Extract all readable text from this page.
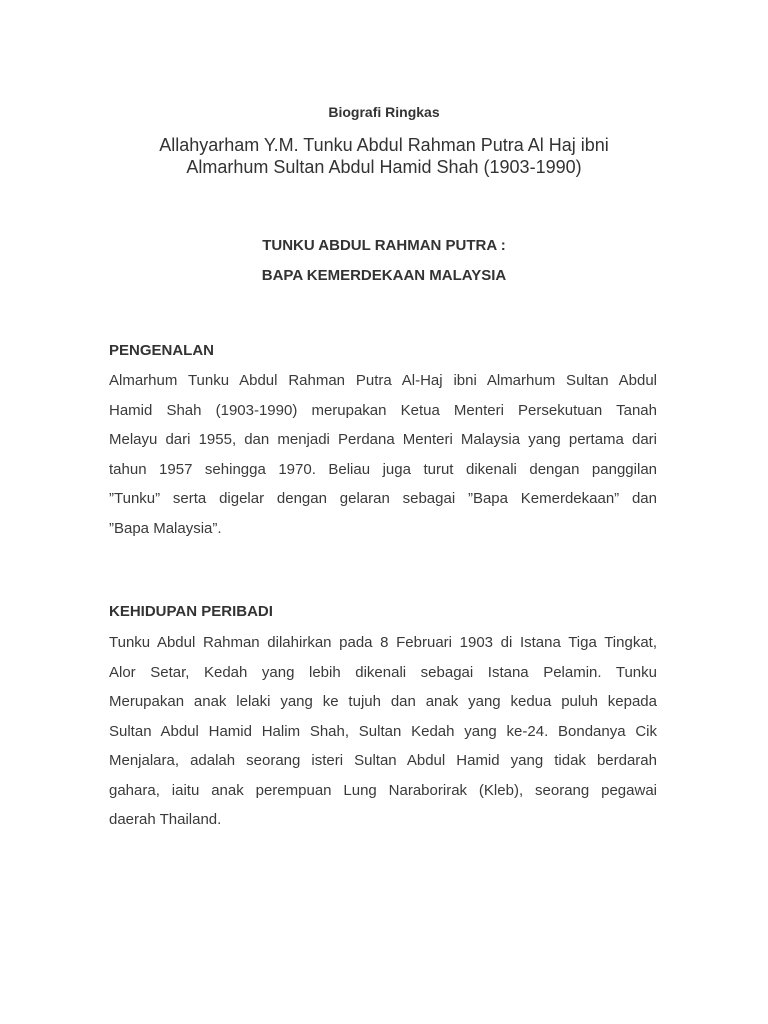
Biografi Ringkas
Allahyarham Y.M. Tunku Abdul Rahman Putra Al Haj ibni
Almarhum Sultan Abdul Hamid Shah (1903-1990)
TUNKU ABDUL RAHMAN PUTRA :
BAPA KEMERDEKAAN MALAYSIA
PENGENALAN
Almarhum Tunku Abdul Rahman Putra Al-Haj ibni Almarhum Sultan Abdul
Hamid Shah (1903-1990) merupakan Ketua Menteri Persekutuan Tanah
Melayu dari 1955, dan menjadi Perdana Menteri Malaysia yang pertama dari
tahun 1957 sehingga 1970. Beliau juga turut dikenali dengan panggilan
”Tunku” serta digelar dengan gelaran sebagai ”Bapa Kemerdekaan” dan
”Bapa Malaysia”.
KEHIDUPAN PERIBADI
Tunku Abdul Rahman dilahirkan pada 8 Februari 1903 di Istana Tiga Tingkat,
Alor Setar, Kedah yang lebih dikenali sebagai Istana Pelamin. Tunku
Merupakan anak lelaki yang ke tujuh dan anak yang kedua puluh kepada
Sultan Abdul Hamid Halim Shah, Sultan Kedah yang ke-24. Bondanya Cik
Menjalara, adalah seorang isteri Sultan Abdul Hamid yang tidak berdarah
gahara, iaitu anak perempuan Lung Naraborirak (Kleb), seorang pegawai
daerah Thailand.
